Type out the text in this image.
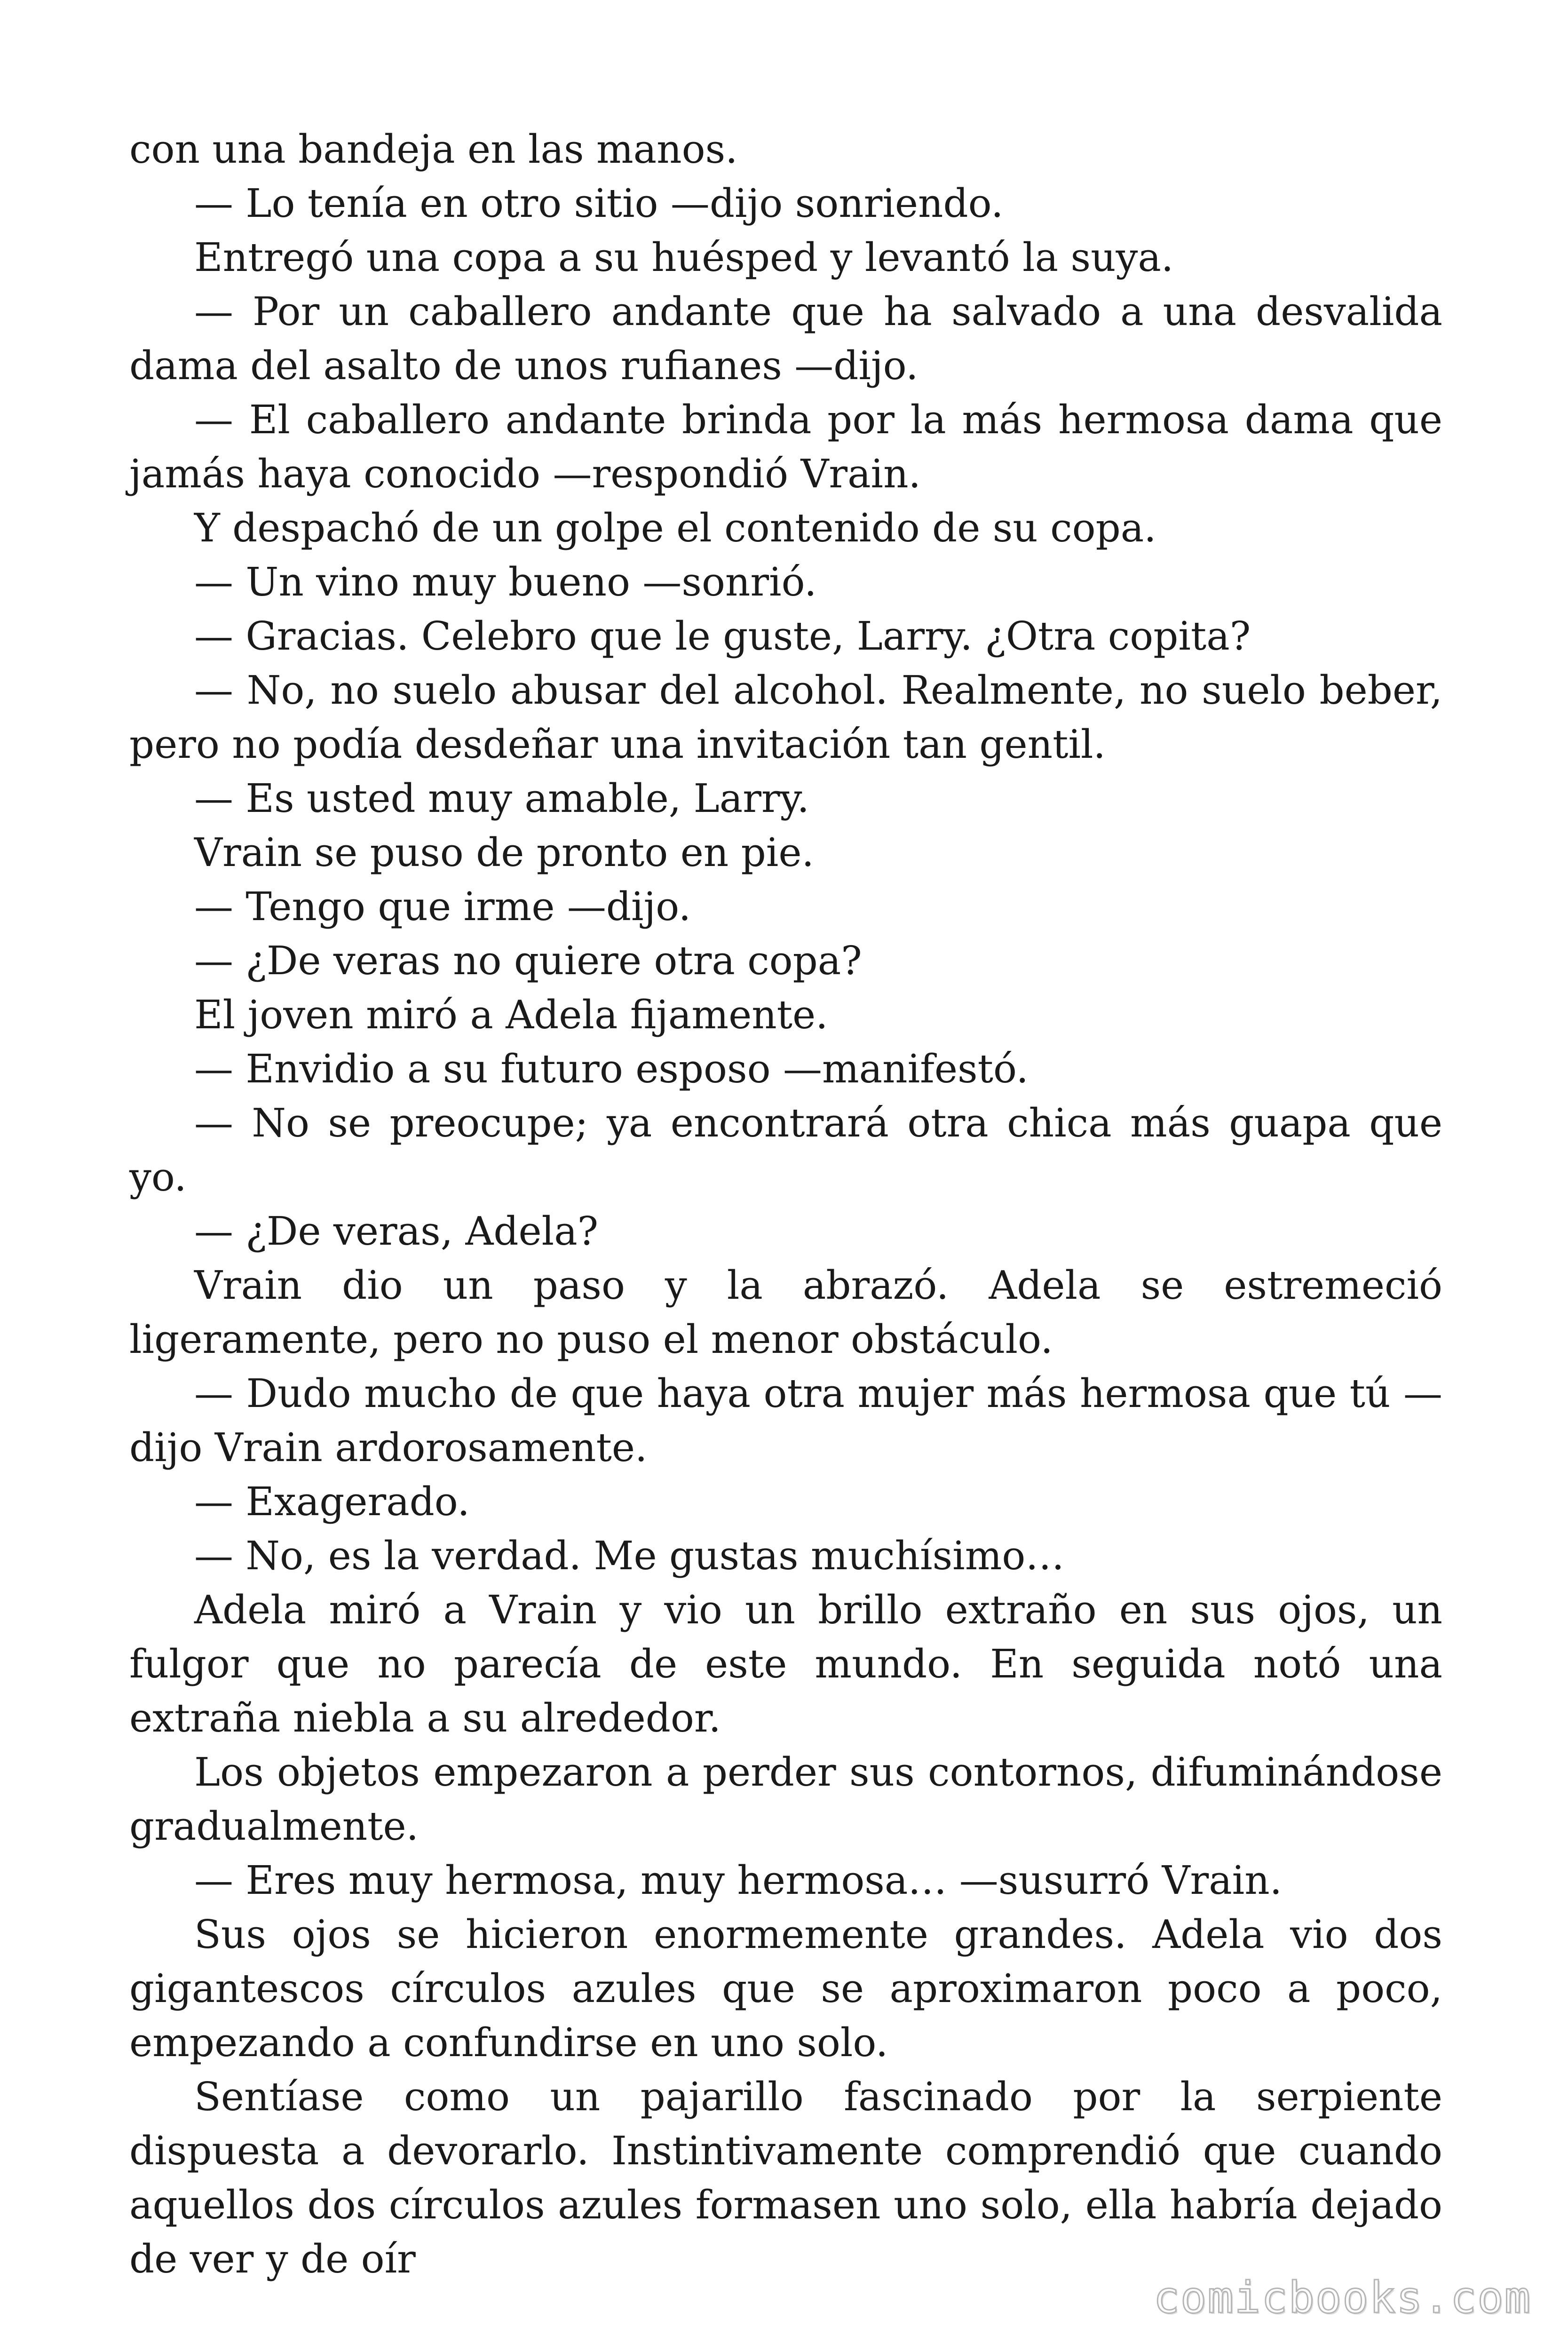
con una bandeja en las manos.

— Lo tenía en otro sitio —dijo sonriendo.

Entregó una copa a su huésped y levantó la suya.

— Por un caballero andante que ha salvado a una desvalida dama del asalto de unos rufianes —dijo.

— El caballero andante brinda por la más hermosa dama que jamás haya conocido —respondió Vrain.

Y despachó de un golpe el contenido de su copa.

— Un vino muy bueno —sonrió.

— Gracias. Celebro que le guste, Larry. ¿Otra copita?

— No, no suelo abusar del alcohol. Realmente, no suelo beber, pero no podía desdeñar una invitación tan gentil.

— Es usted muy amable, Larry.

Vrain se puso de pronto en pie.

— Tengo que irme —dijo.

— ¿De veras no quiere otra copa?

El joven miró a Adela fijamente.

— Envidio a su futuro esposo —manifestó.

— No se preocupe; ya encontrará otra chica más guapa que yo.

— ¿De veras, Adela?

Vrain dio un paso y la abrazó. Adela se estremeció ligeramente, pero no puso el menor obstáculo.

— Dudo mucho de que haya otra mujer más hermosa que tú — dijo Vrain ardorosamente.

— Exagerado.

— No, es la verdad. Me gustas muchísimo…

Adela miró a Vrain y vio un brillo extraño en sus ojos, un fulgor que no parecía de este mundo. En seguida notó una extraña niebla a su alrededor.

Los objetos empezaron a perder sus contornos, difuminándose gradualmente.

— Eres muy hermosa, muy hermosa… —susurró Vrain.

Sus ojos se hicieron enormemente grandes. Adela vio dos gigantescos círculos azules que se aproximaron poco a poco, empezando a confundirse en uno solo.

Sentíase como un pajarillo fascinado por la serpiente dispuesta a devorarlo. Instintivamente comprendió que cuando aquellos dos círculos azules formasen uno solo, ella habría dejado de ver y de oír

comicbooks.com
